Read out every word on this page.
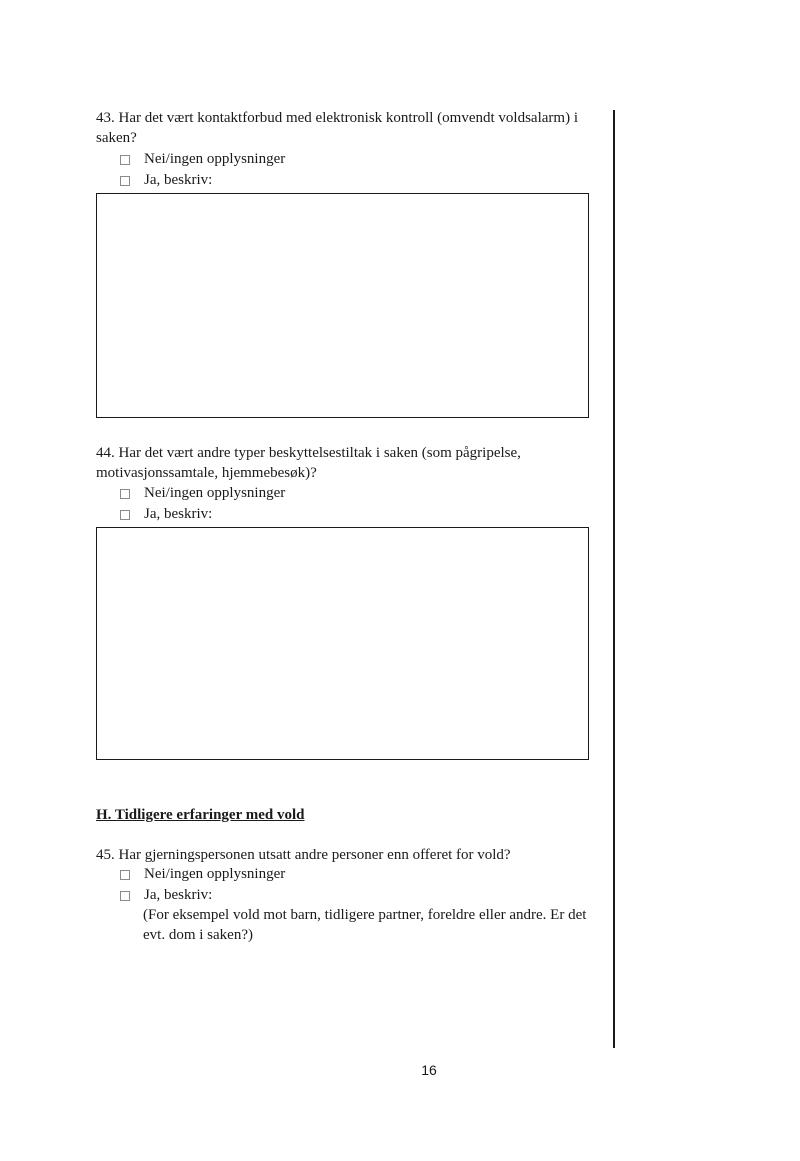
43. Har det vært kontaktforbud med elektronisk kontroll (omvendt voldsalarm) i saken?

Nei/ingen opplysninger
Ja, beskriv:

44. Har det vært andre typer beskyttelsestiltak i saken (som pågripelse, motivasjonssamtale, hjemmebesøk)?

Nei/ingen opplysninger
Ja, beskriv:

H. Tidligere erfaringer med vold

45. Har gjerningspersonen utsatt andre personer enn offeret for vold?

Nei/ingen opplysninger
Ja, beskriv:
(For eksempel vold mot barn, tidligere partner, foreldre eller andre. Er det evt. dom i saken?)
16
